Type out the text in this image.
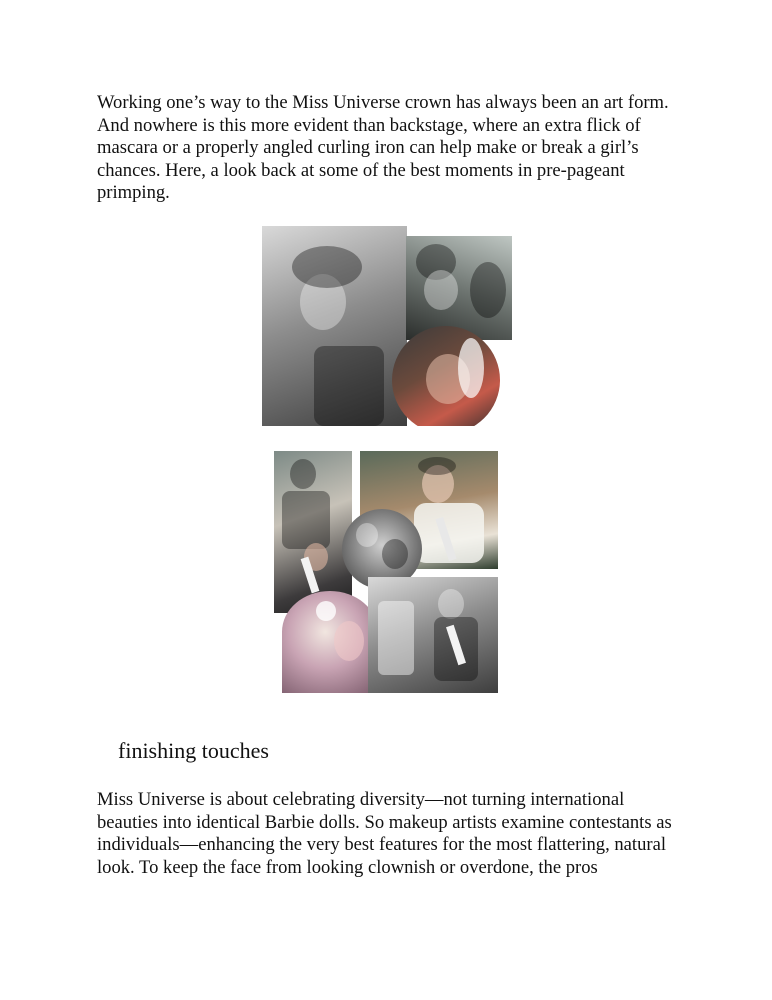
Working one’s way to the Miss Universe crown has always been an art form. And nowhere is this more evident than backstage, where an extra flick of mascara or a properly angled curling iron can help make or break a girl’s chances. Here, a look back at some of the best moments in pre-pageant primping.

finishing touches

Miss Universe is about celebrating diversity—not turning international beauties into identical Barbie dolls. So makeup artists examine contestants as individuals—enhancing the very best features for the most flattering, natural look. To keep the face from looking clownish or overdone, the pros
